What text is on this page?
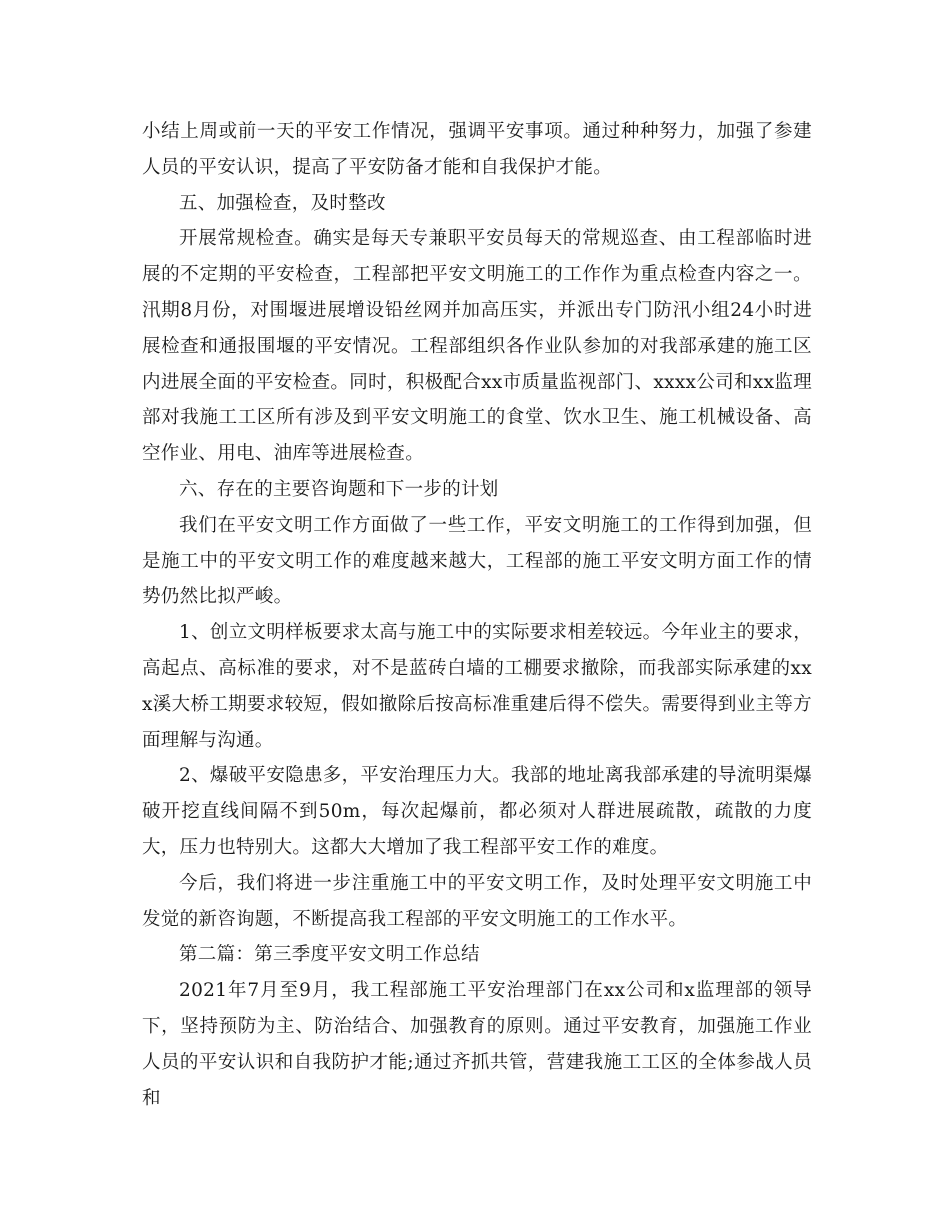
小结上周或前一天的平安工作情况，强调平安事项。通过种种努力，加强了参建人员的平安认识，提高了平安防备才能和自我保护才能。

五、加强检查，及时整改

开展常规检查。确实是每天专兼职平安员每天的常规巡查、由工程部临时进展的不定期的平安检查，工程部把平安文明施工的工作作为重点检查内容之一。汛期8月份，对围堰进展增设铅丝网并加高压实，并派出专门防汛小组24小时进展检查和通报围堰的平安情况。工程部组织各作业队参加的对我部承建的施工区内进展全面的平安检查。同时，积极配合xx市质量监视部门、xxxx公司和xx监理部对我施工工区所有涉及到平安文明施工的食堂、饮水卫生、施工机械设备、高空作业、用电、油库等进展检查。

六、存在的主要咨询题和下一步的计划

我们在平安文明工作方面做了一些工作，平安文明施工的工作得到加强，但是施工中的平安文明工作的难度越来越大，工程部的施工平安文明方面工作的情势仍然比拟严峻。

1、创立文明样板要求太高与施工中的实际要求相差较远。今年业主的要求，高起点、高标准的要求，对不是蓝砖白墙的工棚要求撤除，而我部实际承建的xxx溪大桥工期要求较短，假如撤除后按高标准重建后得不偿失。需要得到业主等方面理解与沟通。

2、爆破平安隐患多，平安治理压力大。我部的地址离我部承建的导流明渠爆破开挖直线间隔不到50m，每次起爆前，都必须对人群进展疏散，疏散的力度大，压力也特别大。这都大大增加了我工程部平安工作的难度。

今后，我们将进一步注重施工中的平安文明工作，及时处理平安文明施工中发觉的新咨询题，不断提高我工程部的平安文明施工的工作水平。

第二篇：第三季度平安文明工作总结

2021年7月至9月，我工程部施工平安治理部门在xx公司和x监理部的领导下，坚持预防为主、防治结合、加强教育的原则。通过平安教育，加强施工作业人员的平安认识和自我防护才能;通过齐抓共管，营建我施工工区的全体参战人员和
